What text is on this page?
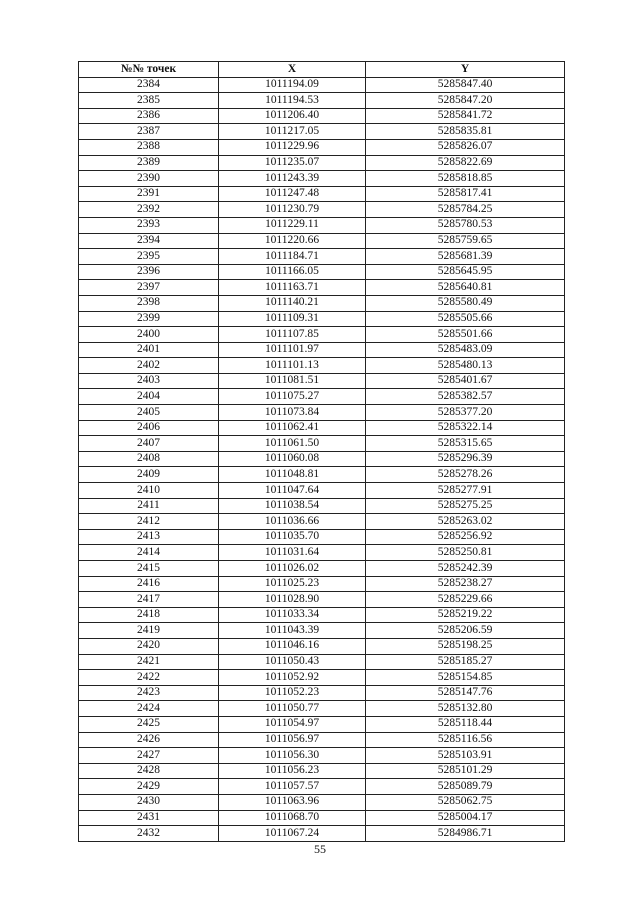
№№ точек	X	Y
2384	1011194.09	5285847.40
2385	1011194.53	5285847.20
2386	1011206.40	5285841.72
2387	1011217.05	5285835.81
2388	1011229.96	5285826.07
2389	1011235.07	5285822.69
2390	1011243.39	5285818.85
2391	1011247.48	5285817.41
2392	1011230.79	5285784.25
2393	1011229.11	5285780.53
2394	1011220.66	5285759.65
2395	1011184.71	5285681.39
2396	1011166.05	5285645.95
2397	1011163.71	5285640.81
2398	1011140.21	5285580.49
2399	1011109.31	5285505.66
2400	1011107.85	5285501.66
2401	1011101.97	5285483.09
2402	1011101.13	5285480.13
2403	1011081.51	5285401.67
2404	1011075.27	5285382.57
2405	1011073.84	5285377.20
2406	1011062.41	5285322.14
2407	1011061.50	5285315.65
2408	1011060.08	5285296.39
2409	1011048.81	5285278.26
2410	1011047.64	5285277.91
2411	1011038.54	5285275.25
2412	1011036.66	5285263.02
2413	1011035.70	5285256.92
2414	1011031.64	5285250.81
2415	1011026.02	5285242.39
2416	1011025.23	5285238.27
2417	1011028.90	5285229.66
2418	1011033.34	5285219.22
2419	1011043.39	5285206.59
2420	1011046.16	5285198.25
2421	1011050.43	5285185.27
2422	1011052.92	5285154.85
2423	1011052.23	5285147.76
2424	1011050.77	5285132.80
2425	1011054.97	5285118.44
2426	1011056.97	5285116.56
2427	1011056.30	5285103.91
2428	1011056.23	5285101.29
2429	1011057.57	5285089.79
2430	1011063.96	5285062.75
2431	1011068.70	5285004.17
2432	1011067.24	5284986.71
55
